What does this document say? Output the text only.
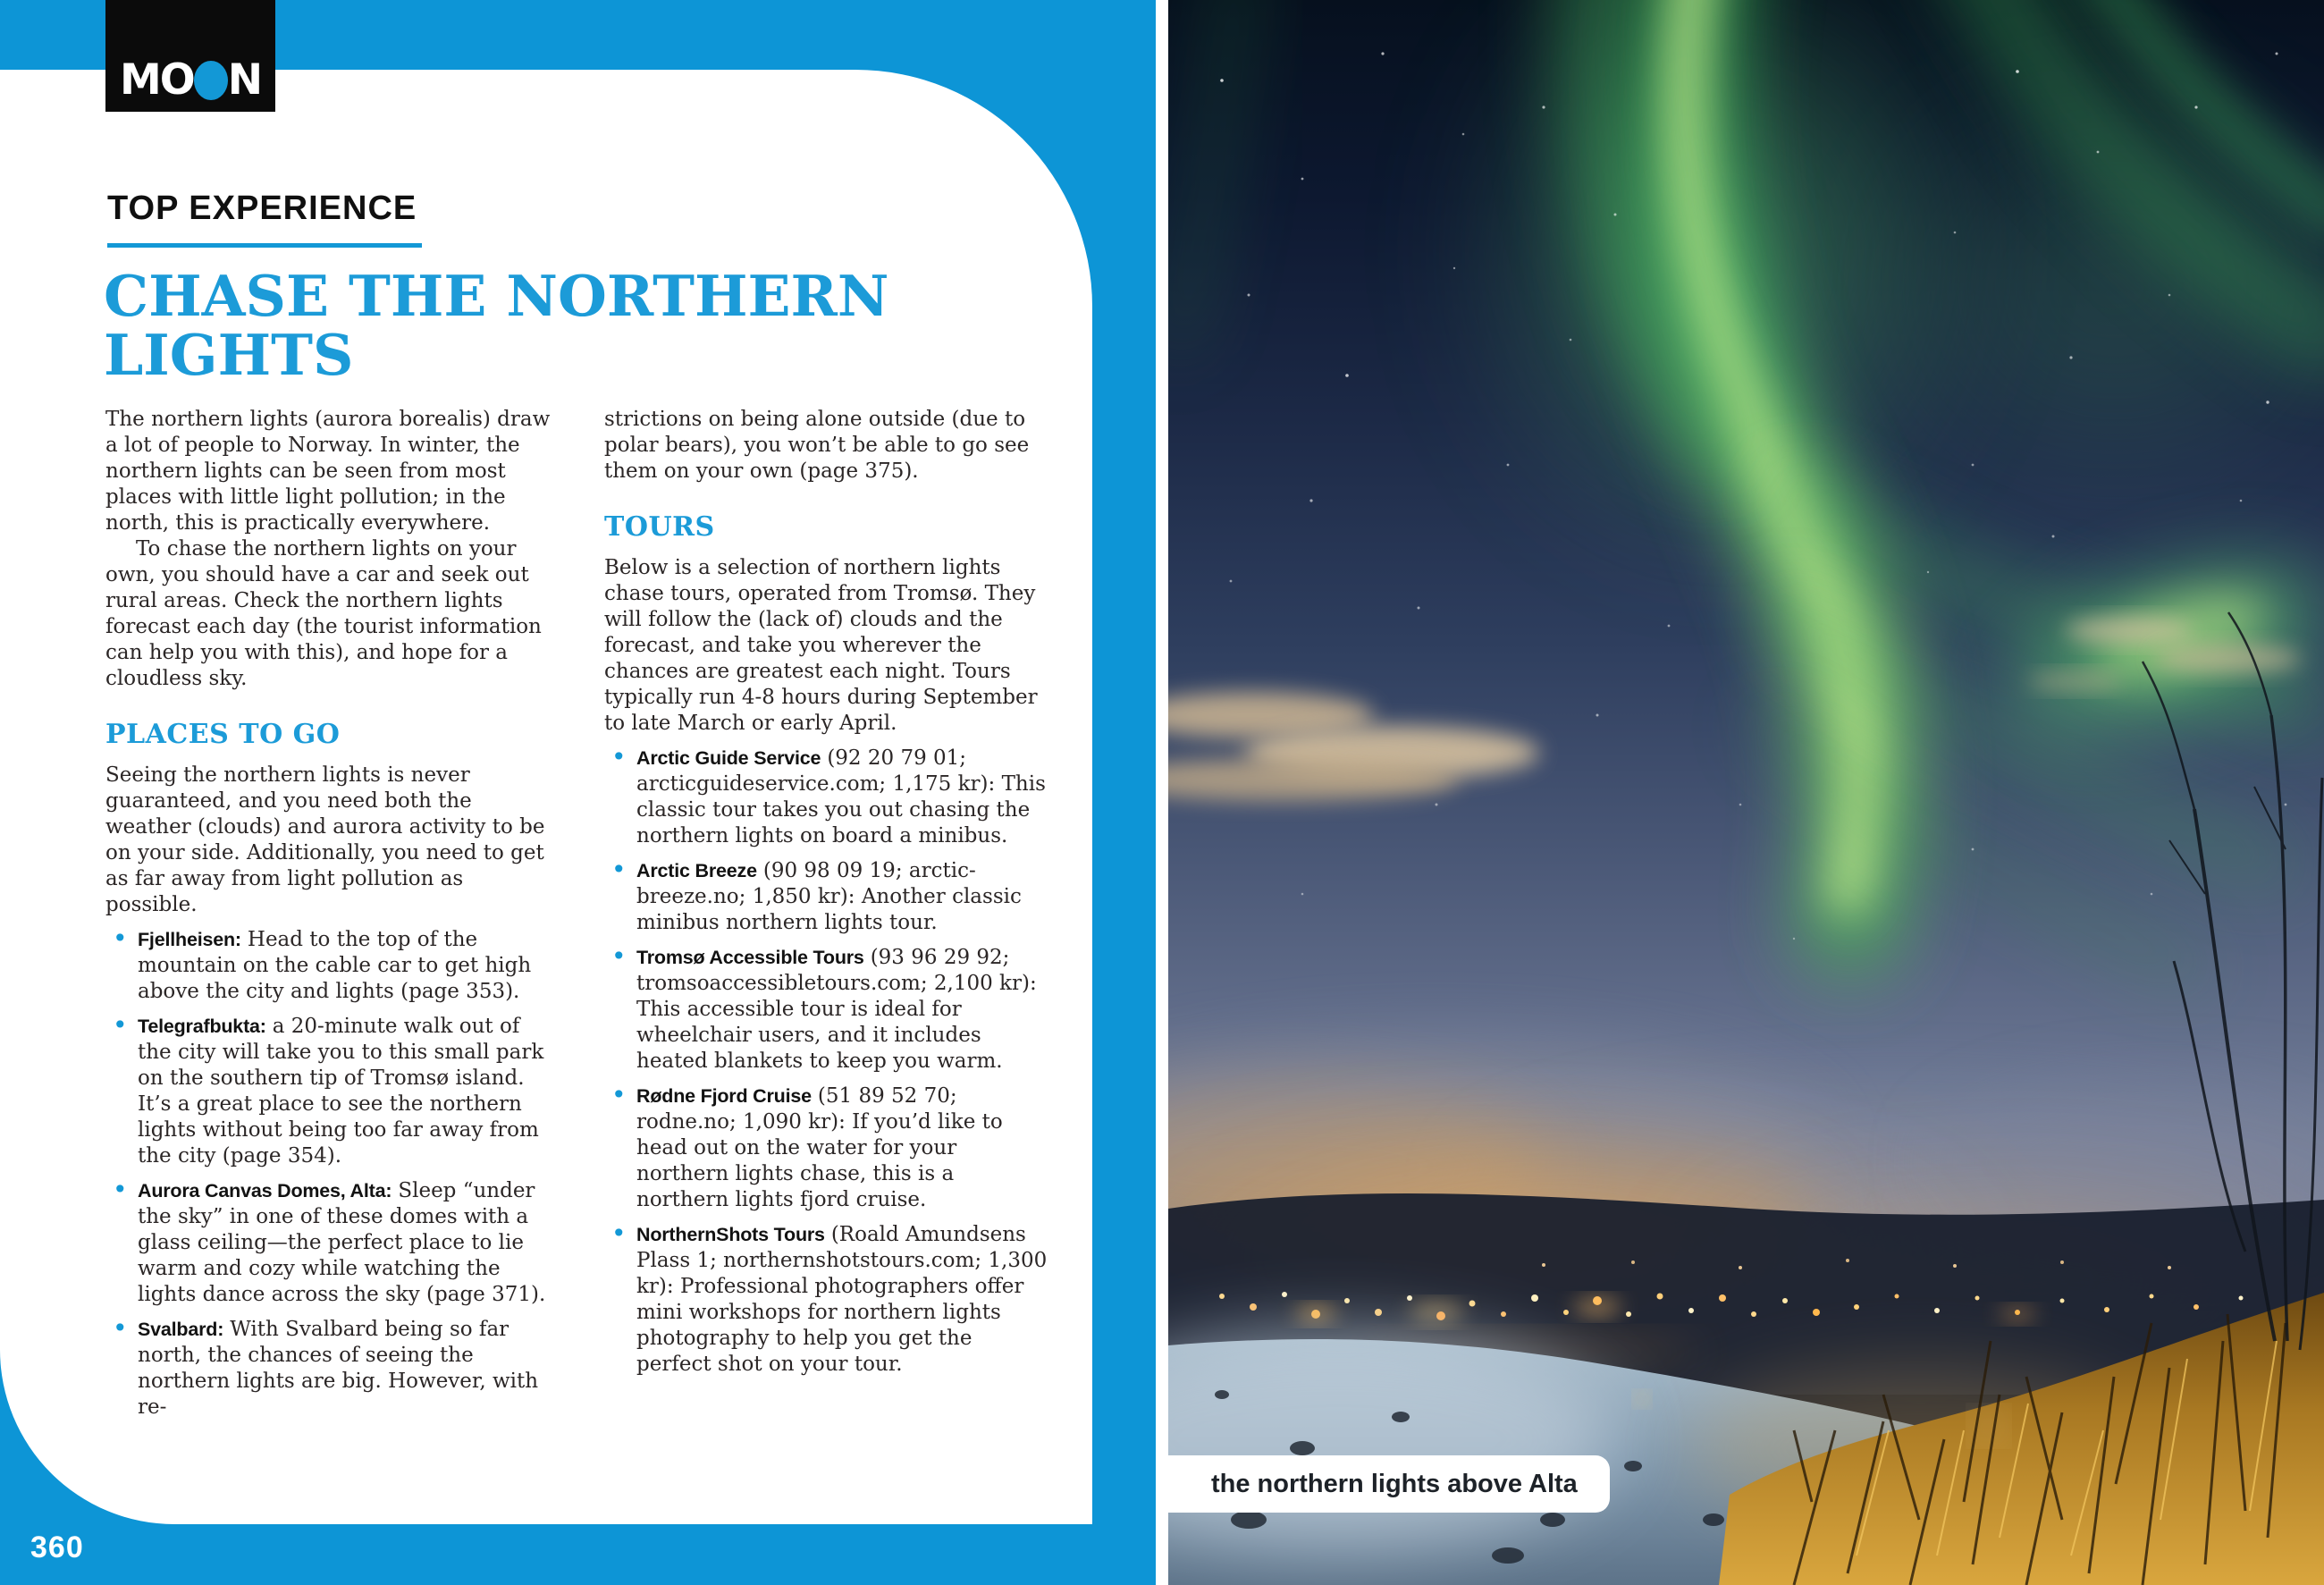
MO N
TOP EXPERIENCE
CHASE THE NORTHERN LIGHTS

The northern lights (aurora borealis) draw a lot of people to Norway. In winter, the northern lights can be seen from most places with little light pollution; in the north, this is practically everywhere.

To chase the northern lights on your own, you should have a car and seek out rural areas. Check the northern lights forecast each day (the tourist information can help you with this), and hope for a cloudless sky.

PLACES TO GO

Seeing the northern lights is never guaranteed, and you need both the weather (clouds) and aurora activity to be on your side. Additionally, you need to get as far away from light pollution as possible.

• Fjellheisen: Head to the top of the mountain on the cable car to get high above the city and lights (page 353).
• Telegrafbukta: a 20-minute walk out of the city will take you to this small park on the southern tip of Tromsø island. It’s a great place to see the northern lights without being too far away from the city (page 354).
• Aurora Canvas Domes, Alta: Sleep “under the sky” in one of these domes with a glass ceiling—the perfect place to lie warm and cozy while watching the lights dance across the sky (page 371).
• Svalbard: With Svalbard being so far north, the chances of seeing the northern lights are big. However, with re-

strictions on being alone outside (due to polar bears), you won’t be able to go see them on your own (page 375).

TOURS

Below is a selection of northern lights chase tours, operated from Tromsø. They will follow the (lack of) clouds and the forecast, and take you wherever the chances are greatest each night. Tours typically run 4-8 hours during September to late March or early April.

• Arctic Guide Service (92 20 79 01; arcticguideservice.com; 1,175 kr): This classic tour takes you out chasing the northern lights on board a minibus.
• Arctic Breeze (90 98 09 19; arctic-breeze.no; 1,850 kr): Another classic minibus northern lights tour.
• Tromsø Accessible Tours (93 96 29 92; tromsoaccessibletours.com; 2,100 kr): This accessible tour is ideal for wheelchair users, and it includes heated blankets to keep you warm.
• Rødne Fjord Cruise (51 89 52 70; rodne.no; 1,090 kr): If you’d like to head out on the water for your northern lights chase, this is a northern lights fjord cruise.
• NorthernShots Tours (Roald Amundsens Plass 1; northernshotstours.com; 1,300 kr): Professional photographers offer mini workshops for northern lights photography to help you get the perfect shot on your tour.
360
the northern lights above Alta
